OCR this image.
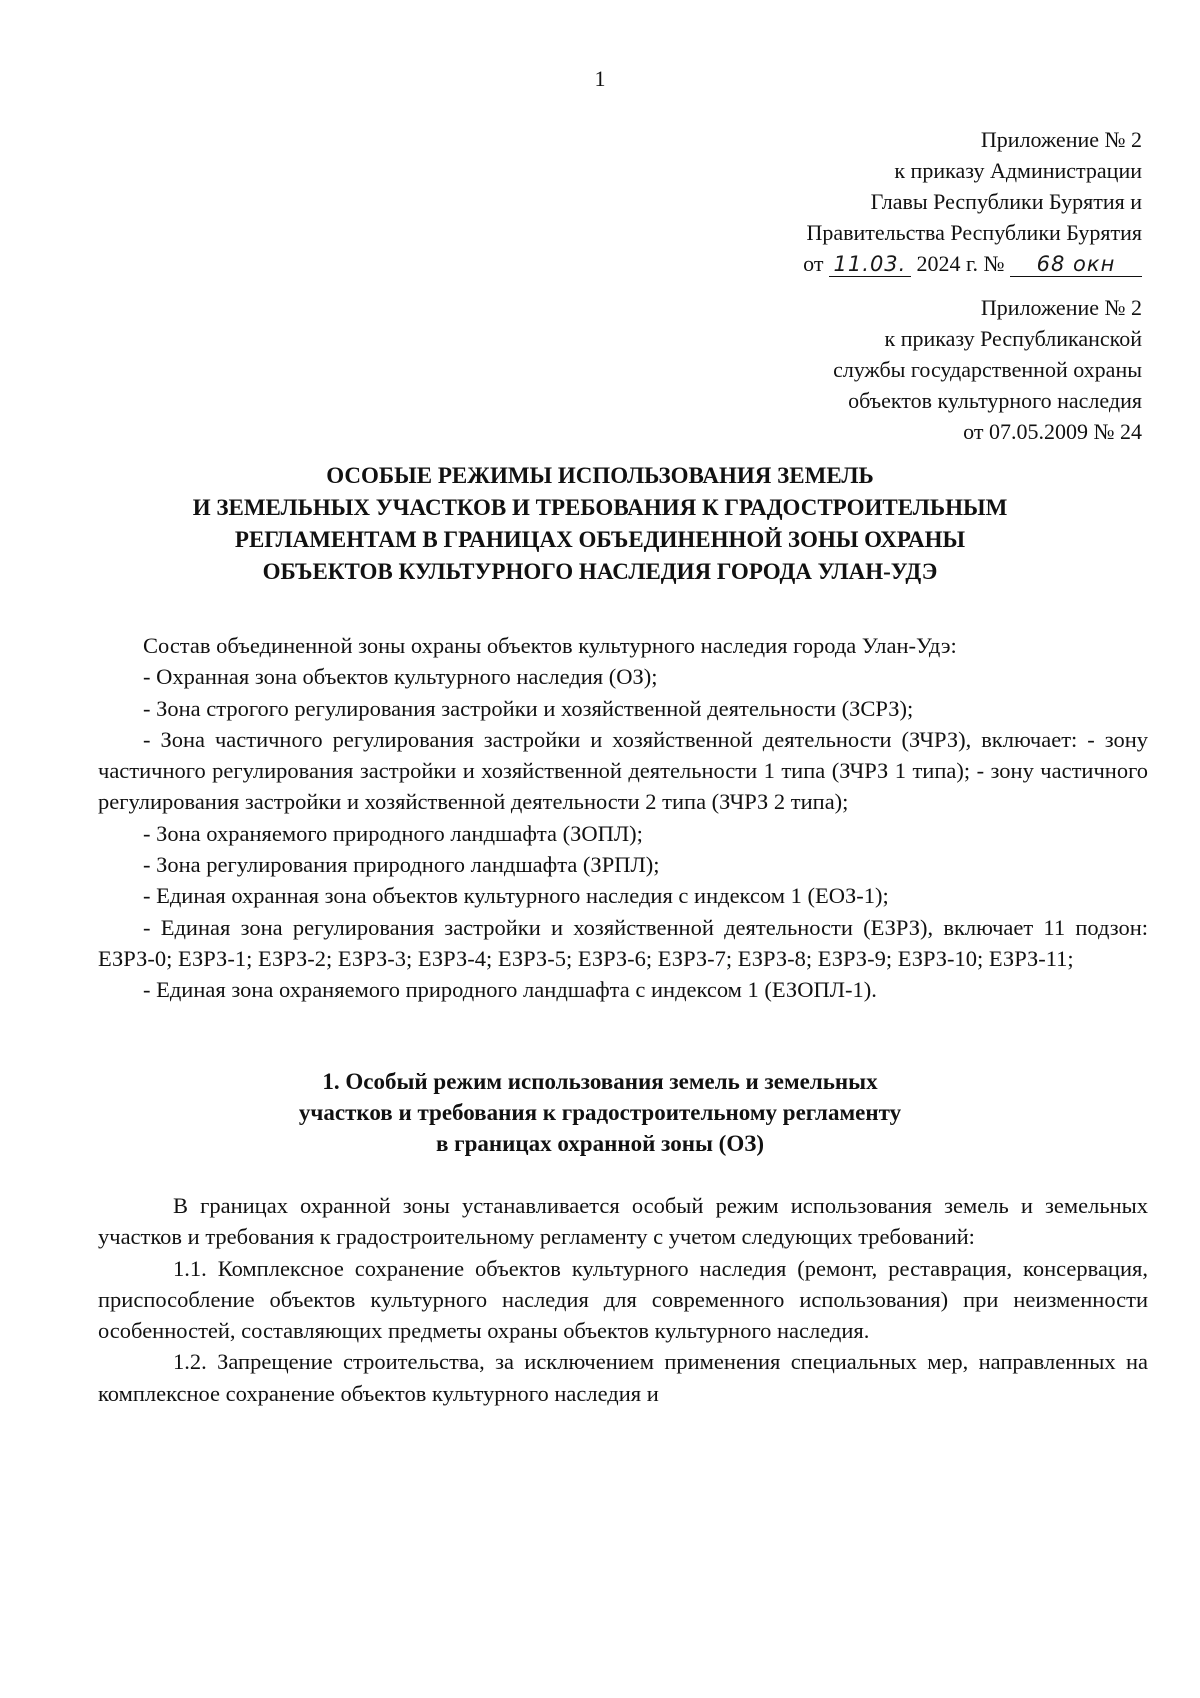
1
Приложение № 2
к приказу Администрации
Главы Республики Бурятия и
Правительства Республики Бурятия
от 11.03. 2024 г. № 68 окн
Приложение № 2
к приказу Республиканской
службы государственной охраны
объектов культурного наследия
от 07.05.2009 № 24
ОСОБЫЕ РЕЖИМЫ ИСПОЛЬЗОВАНИЯ ЗЕМЕЛЬ
И ЗЕМЕЛЬНЫХ УЧАСТКОВ И ТРЕБОВАНИЯ К ГРАДОСТРОИТЕЛЬНЫМ
РЕГЛАМЕНТАМ В ГРАНИЦАХ ОБЪЕДИНЕННОЙ ЗОНЫ ОХРАНЫ
ОБЪЕКТОВ КУЛЬТУРНОГО НАСЛЕДИЯ ГОРОДА УЛАН-УДЭ

Состав объединенной зоны охраны объектов культурного наследия города Улан-Удэ:

- Охранная зона объектов культурного наследия (ОЗ);

- Зона строгого регулирования застройки и хозяйственной деятельности (ЗСРЗ);

- Зона частичного регулирования застройки и хозяйственной деятельности (ЗЧРЗ), включает: - зону частичного регулирования застройки и хозяйственной деятельности 1 типа (ЗЧРЗ 1 типа); - зону частичного регулирования застройки и хозяйственной деятельности 2 типа (ЗЧРЗ 2 типа);

- Зона охраняемого природного ландшафта (ЗОПЛ);

- Зона регулирования природного ландшафта (ЗРПЛ);

- Единая охранная зона объектов культурного наследия с индексом 1 (ЕОЗ-1);

- Единая зона регулирования застройки и хозяйственной деятельности (ЕЗРЗ), включает 11 подзон: ЕЗРЗ-0; ЕЗРЗ-1; ЕЗРЗ-2; ЕЗРЗ-3; ЕЗРЗ-4; ЕЗРЗ-5; ЕЗРЗ-6; ЕЗРЗ-7; ЕЗРЗ-8; ЕЗРЗ-9; ЕЗРЗ-10; ЕЗРЗ-11;

- Единая зона охраняемого природного ландшафта с индексом 1 (ЕЗОПЛ-1).

1. Особый режим использования земель и земельных
участков и требования к градостроительному регламенту
в границах охранной зоны (ОЗ)

В границах охранной зоны устанавливается особый режим использования земель и земельных участков и требования к градостроительному регламенту с учетом следующих требований:

1.1. Комплексное сохранение объектов культурного наследия (ремонт, реставрация, консервация, приспособление объектов культурного наследия для современного использования) при неизменности особенностей, составляющих предметы охраны объектов культурного наследия.

1.2. Запрещение строительства, за исключением применения специальных мер, направленных на комплексное сохранение объектов культурного наследия и
